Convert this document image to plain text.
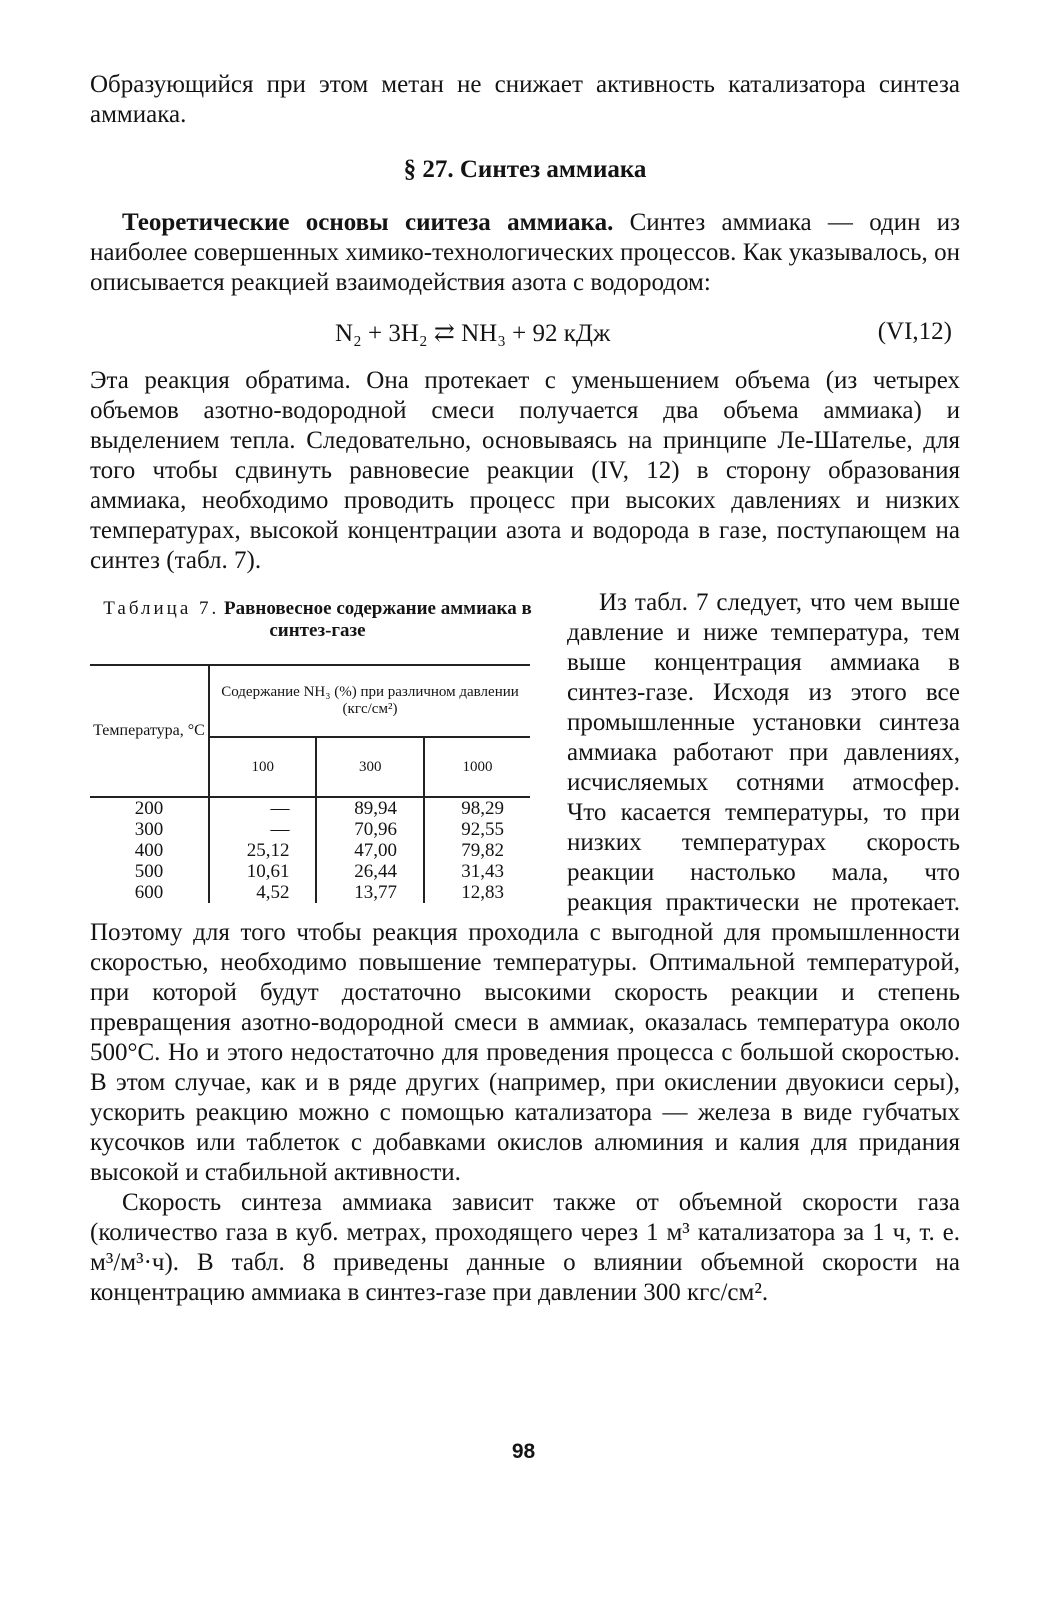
Образующийся при этом метан не снижает активность катализатора синтеза аммиака.

§ 27. Синтез аммиака

Теоретические основы сиитеза аммиака. Синтез аммиака — один из наиболее совершенных химико-технологических процессов. Как указывалось, он описывается реакцией взаимодействия азота с водородом:

N₂ + 3H₂ ⇄ NH₃ + 92 кДж	(VI,12)

Эта реакция обратима. Она протекает с уменьшением объема (из четырех объемов азотно-водородной смеси получается два объема аммиака) и выделением тепла. Следовательно, основываясь на принципе Ле-Шателье, для того чтобы сдвинуть равновесие реакции (IV, 12) в сторону образования аммиака, необходимо проводить процесс при высоких давлениях и низких температурах, высокой концентрации азота и водорода в газе, поступающем на синтез (табл. 7).

Таблица 7. Равновесное содержание аммиака в синтез-газе
Температура, °С	Содержание NH₃ (%) при различном давлении (кгс/см²)		
	100	300	1000
200	—	89,94	98,29
300	—	70,96	92,55
400	25,12	47,00	79,82
500	10,61	26,44	31,43
600	4,52	13,77	12,83

Из табл. 7 следует, что чем выше давление и ниже температура, тем выше концентрация аммиака в синтез-газе. Исходя из этого все промышленные установки синтеза аммиака работают при давлениях, исчисляемых сотнями атмосфер. Что касается температуры, то при низких температурах скорость реакции настолько мала, что реакция практически не протекает. Поэтому для того чтобы реакция проходила с выгодной для промышленности скоростью, необходимо повышение температуры. Оптимальной температурой, при которой будут достаточно высокими скорость реакции и степень превращения азотно-водородной смеси в аммиак, оказалась температура около 500°С. Но и этого недостаточно для проведения процесса с большой скоростью. В этом случае, как и в ряде других (например, при окислении двуокиси серы), ускорить реакцию можно с помощью катализатора — железа в виде губчатых кусочков или таблеток с добавками окислов алюминия и калия для придания высокой и стабильной активности.

Скорость синтеза аммиака зависит также от объемной скорости газа (количество газа в куб. метрах, проходящего через 1 м³ катализатора за 1 ч, т. е. м³/м³·ч). В табл. 8 приведены данные о влиянии объемной скорости на концентрацию аммиака в синтез-газе при давлении 300 кгс/см².

98
